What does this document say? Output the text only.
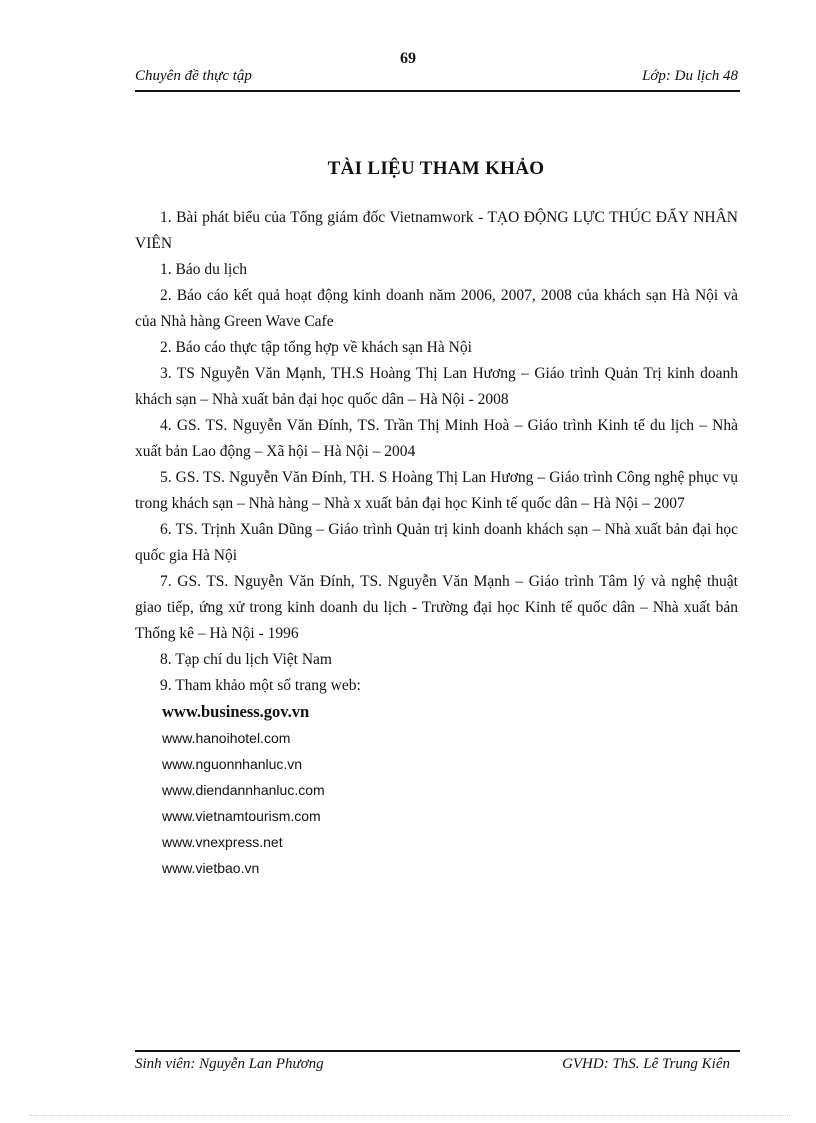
69
Chuyên đề thực tập	Lớp: Du lịch 48
TÀI LIỆU THAM KHẢO

1. Bài phát biểu của Tổng giám đốc Vietnamwork - TẠO ĐỘNG LỰC THÚC ĐẨY NHÂN VIÊN

1. Báo du lịch

2. Báo cáo kết quả hoạt động kinh doanh năm 2006, 2007, 2008 của khách sạn Hà Nội và của Nhà hàng Green Wave Cafe

2. Báo cáo thực tập tổng hợp về khách sạn Hà Nội

3. TS Nguyễn Văn Mạnh, TH.S Hoàng Thị Lan Hương – Giáo trình Quản Trị kinh doanh khách sạn – Nhà xuất bản đại học quốc dân – Hà Nội - 2008

4. GS. TS. Nguyễn Văn Đính, TS. Trần Thị Minh Hoà – Giáo trình Kinh tế du lịch – Nhà xuất bản Lao động – Xã hội – Hà Nội – 2004

5. GS. TS. Nguyễn Văn Đính, TH. S Hoàng Thị Lan Hương – Giáo trình Công nghệ phục vụ trong khách sạn – Nhà hàng – Nhà x xuất bản đại học Kinh tế quốc dân – Hà Nội – 2007

6. TS. Trịnh Xuân Dũng – Giáo trình Quản trị kinh doanh khách sạn – Nhà xuất bản đại học quốc gia Hà Nội

7. GS. TS. Nguyễn Văn Đính, TS. Nguyễn Văn Mạnh – Giáo trình Tâm lý và nghệ thuật giao tiếp, ứng xử trong kinh doanh du lịch - Trường đại học Kinh tế quốc dân – Nhà xuất bản Thống kê – Hà Nội - 1996

8. Tạp chí du lịch Việt Nam

9. Tham khảo một số trang web:

www.business.gov.vn
www.hanoihotel.com
www.nguonnhanluc.vn
www.diendannhanluc.com
www.vietnamtourism.com
www.vnexpress.net
www.vietbao.vn
Sinh viên: Nguyễn Lan Phương	GVHD: ThS. Lê Trung Kiên
